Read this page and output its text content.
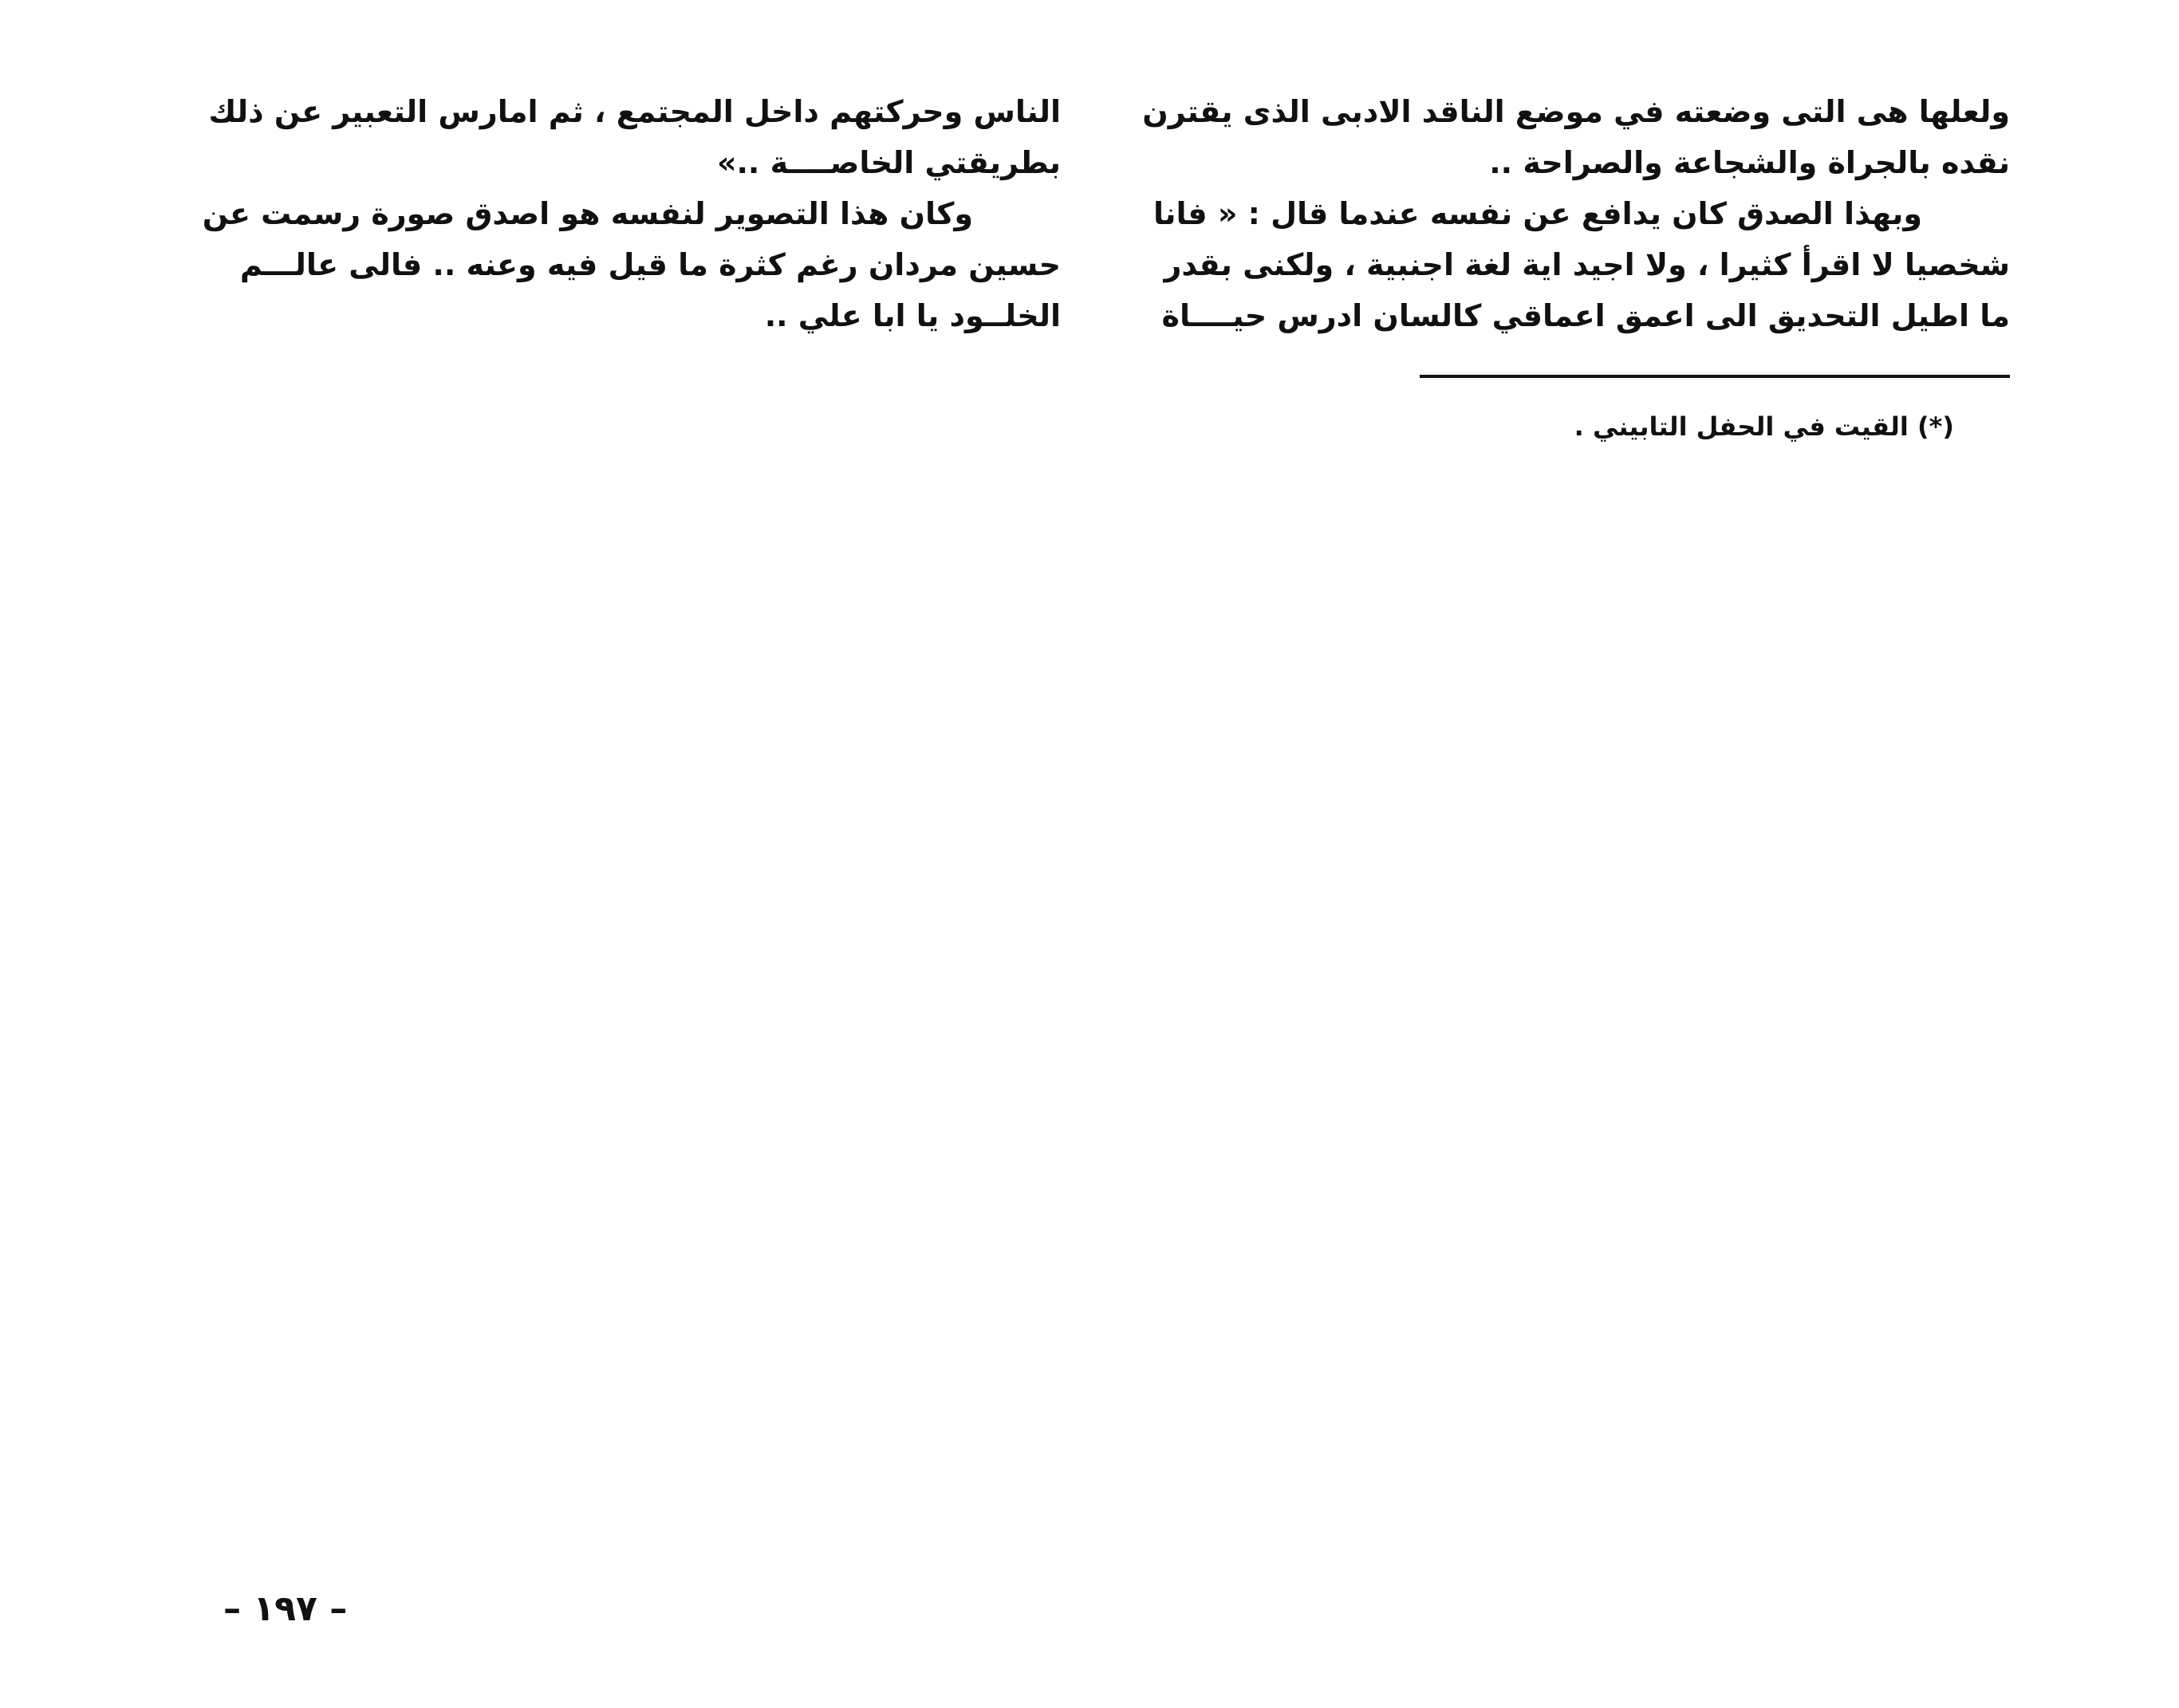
ولعلها هى التى وضعته في موضع الناقد الادبى الذى يقترن
نقده بالجراة والشجاعة والصراحة ..
وبهذا الصدق كان يدافع عن نفسه عندما قال : « فانا
شخصيا لا اقرأ كثيرا ، ولا اجيد اية لغة اجنبية ، ولكنى بقدر
ما اطيل التحديق الى اعمق اعماقي كالسان ادرس حيــــاة
الناس وحركتهم داخل المجتمع ، ثم امارس التعبير عن ذلك
بطريقتي الخاصــــة ..»
وكان هذا التصوير لنفسه هو اصدق صورة رسمت عن
حسين مردان رغم كثرة ما قيل فيه وعنه .. فالى عالـــم
الخلــود يا ابا علي ..
(*) القيت في الحفل التابيني .
– ١٩٧ –
